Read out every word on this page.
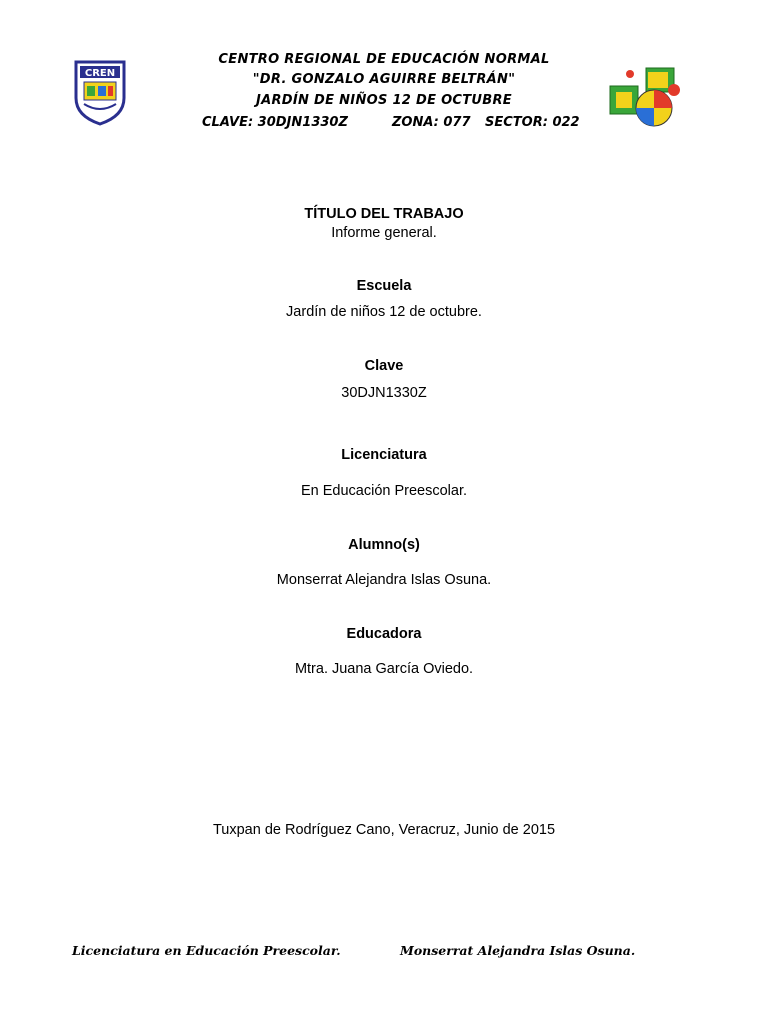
CREN
CENTRO REGIONAL DE EDUCACIÓN NORMAL
"DR. GONZALO AGUIRRE BELTRÁN"
JARDÍN DE NIÑOS 12 DE OCTUBRE
CLAVE: 30DJN1330Z	ZONA: 077 SECTOR: 022
TÍTULO DEL TRABAJO
Informe general.
Escuela
Jardín de niños 12 de octubre.
Clave
30DJN1330Z
Licenciatura
En Educación Preescolar.
Alumno(s)
Monserrat Alejandra Islas Osuna.
Educadora
Mtra. Juana García Oviedo.
Tuxpan de Rodríguez Cano, Veracruz, Junio de 2015
Licenciatura en Educación Preescolar.	Monserrat Alejandra Islas Osuna.
